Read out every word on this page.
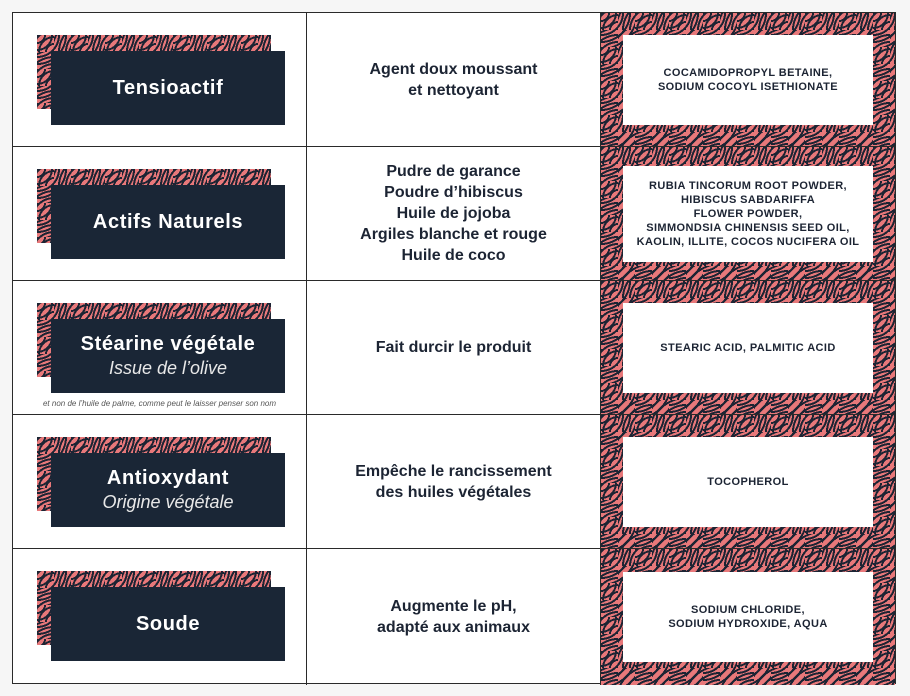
Tensioactif
Agent doux moussant
et nettoyant
COCAMIDOPROPYL BETAINE,
SODIUM COCOYL ISETHIONATE
Actifs Naturels
Pudre de garance
Poudre d’hibiscus
Huile de jojoba
Argiles blanche et rouge
Huile de coco
RUBIA TINCORUM ROOT POWDER,
HIBISCUS SABDARIFFA
FLOWER POWDER,
SIMMONDSIA CHINENSIS SEED OIL,
KAOLIN, ILLITE, COCOS NUCIFERA OIL
Stéarine végétale
Issue de l’olive
et non de l’huile de palme, comme peut le laisser penser son nom
Fait durcir le produit	STEARIC ACID, PALMITIC ACID
Antioxydant
Origine végétale
Empêche le rancissement
des huiles végétales
TOCOPHEROL
Soude
Augmente le pH,
adapté aux animaux
SODIUM CHLORIDE,
SODIUM HYDROXIDE, AQUA
